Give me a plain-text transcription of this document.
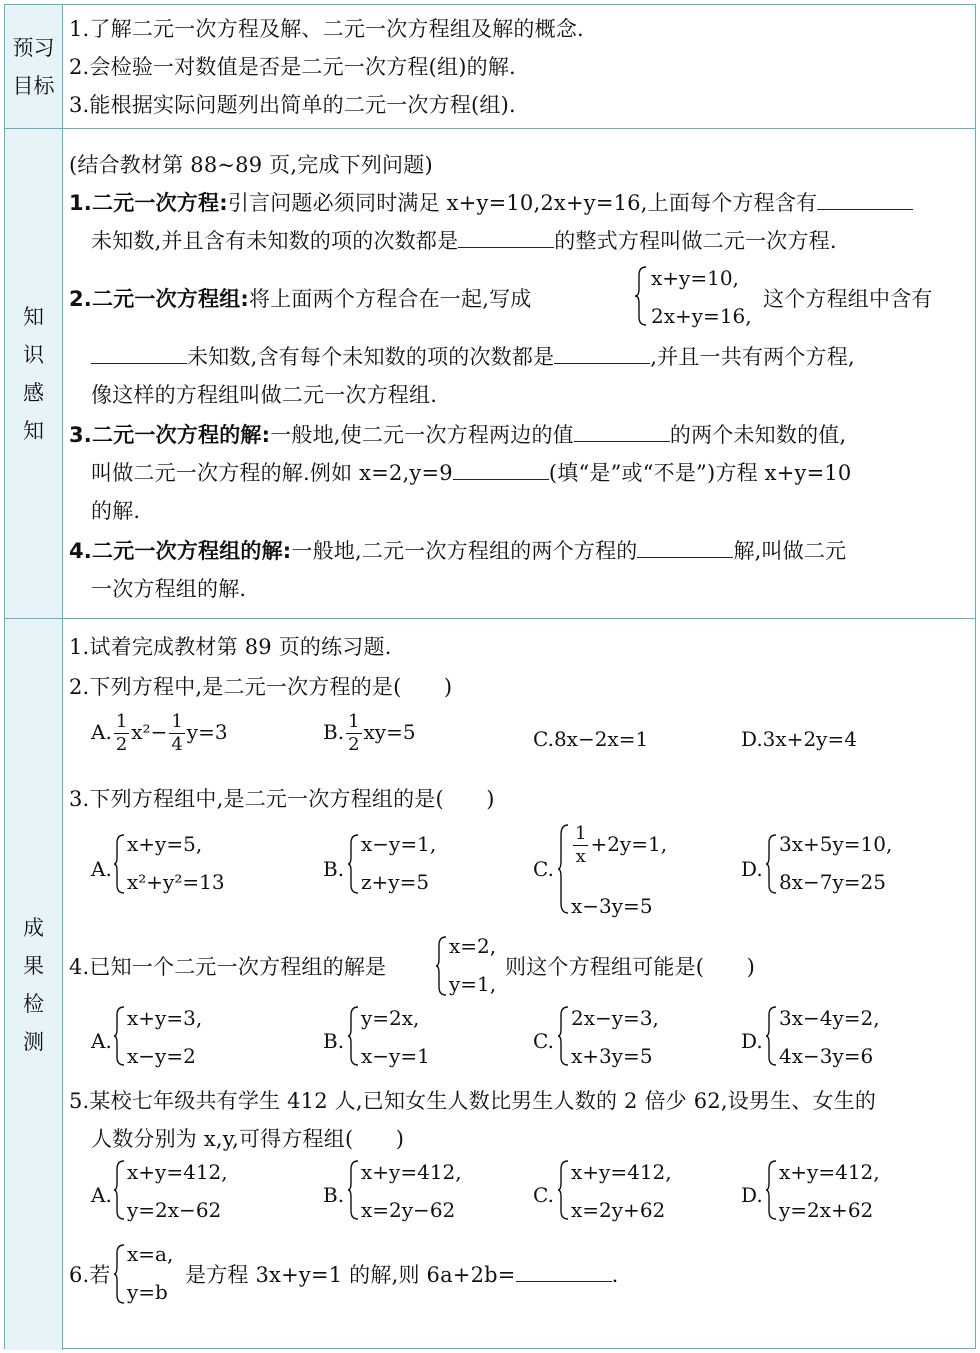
预习
目标
1.了解二元一次方程及解、二元一次方程组及解的概念.
2.会检验一对数值是否是二元一次方程(组)的解.
3.能根据实际问题列出简单的二元一次方程(组).
知
识
感
知
(结合教材第 88~89 页,完成下列问题)
1.二元一次方程:引言问题必须同时满足 x+y=10,2x+y=16,上面每个方程含有
未知数,并且含有未知数的项的次数都是	的整式方程叫做二元一次方程.
2.二元一次方程组:将上面两个方程合在一起,写成
x+y=10,
2x+y=16,
这个方程组中含有
未知数,含有每个未知数的项的次数都是	,并且一共有两个方程,
像这样的方程组叫做二元一次方程组.
3.二元一次方程的解:一般地,使二元一次方程两边的值	的两个未知数的值,
叫做二元一次方程的解.例如 x=2,y=9	(填“是”或“不是”)方程 x+y=10
的解.
4.二元一次方程组的解:一般地,二元一次方程组的两个方程的	解,叫做二元
一次方程组的解.
成
果
检
测
1.试着完成教材第 89 页的练习题.
2.下列方程中,是二元一次方程的是(　　)
A. $\frac{1}{2} x^2- \frac{1}{4} y=3$	B. $\frac{1}{2} xy=5$	C.8x−2x=1	D.3x+2y=4
3.下列方程组中,是二元一次方程组的是(　　)
A.
x+y=5,
x²+y²=13
B.
x−y=1,
z+y=5
C.
$\frac{1}{x} +2y=1$,
x−3y=5
D.
3x+5y=10,
8x−7y=25
4.已知一个二元一次方程组的解是
x=2,
y=1,
则这个方程组可能是(　　)
A.
x+y=3,
x−y=2
B.
y=2x,
x−y=1
C.
2x−y=3,
x+3y=5
D.
3x−4y=2,
4x−3y=6
5.某校七年级共有学生 412 人,已知女生人数比男生人数的 2 倍少 62,设男生、女生的
人数分别为 x,y,可得方程组(　　)
A.
x+y=412,
y=2x−62
B.
x+y=412,
x=2y−62
C.
x+y=412,
x=2y+62
D.
x+y=412,
y=2x+62
6.若
x=a,
y=b
是方程 3x+y=1 的解,则 6a+2b=	.
